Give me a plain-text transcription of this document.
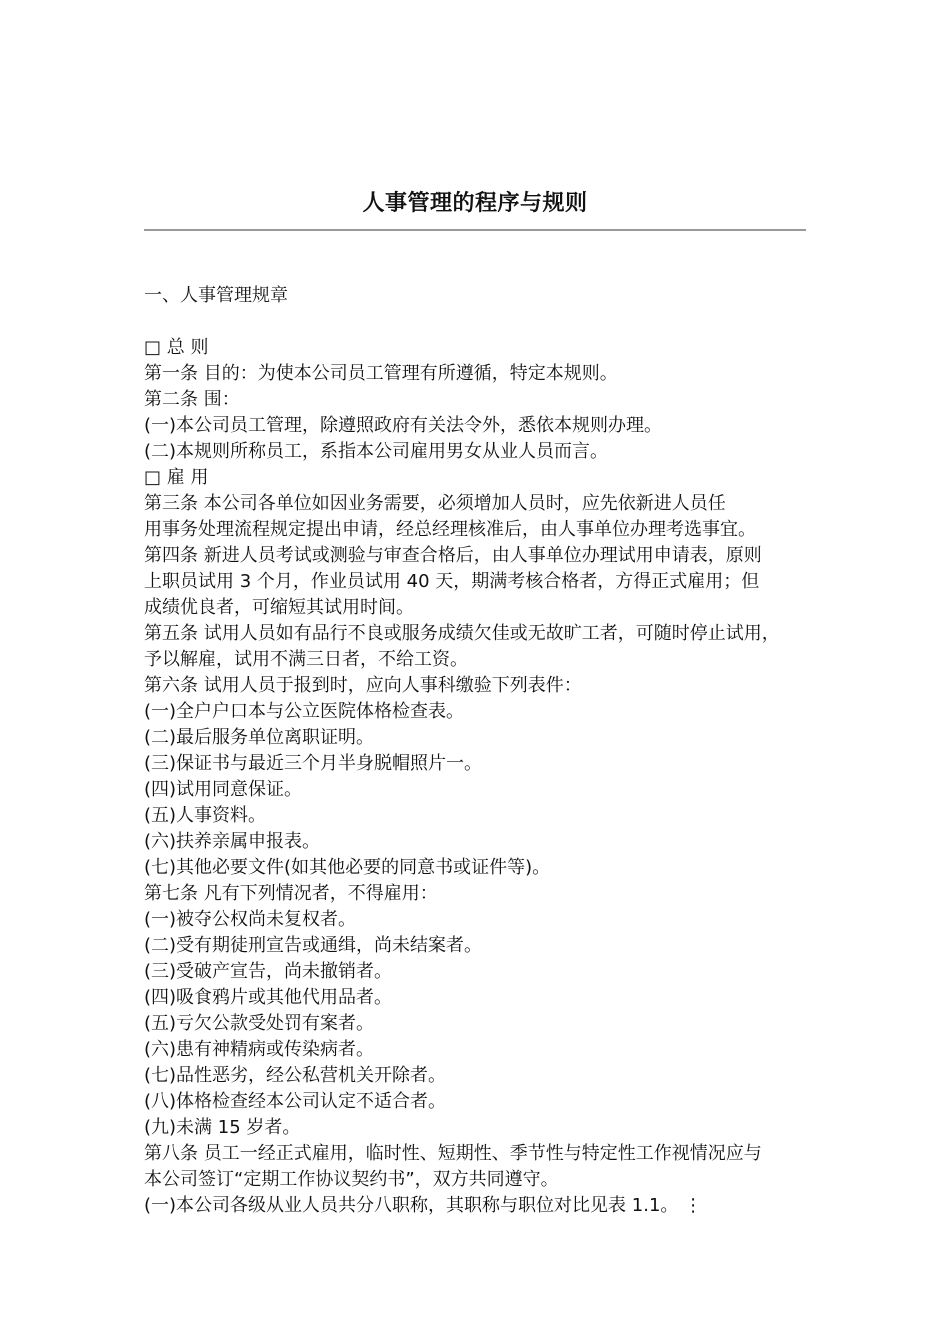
人事管理的程序与规则
一、人事管理规章
□ 总 则
第一条 目的：为使本公司员工管理有所遵循，特定本规则。
第二条 围：
(一)本公司员工管理，除遵照政府有关法令外，悉依本规则办理。
(二)本规则所称员工，系指本公司雇用男女从业人员而言。
□ 雇 用
第三条 本公司各单位如因业务需要，必须增加人员时，应先依新进人员任
用事务处理流程规定提出申请，经总经理核准后，由人事单位办理考选事宜。
第四条 新进人员考试或测验与审查合格后，由人事单位办理试用申请表，原则
上职员试用 3 个月，作业员试用 40 天，期满考核合格者，方得正式雇用；但
成绩优良者，可缩短其试用时间。
第五条 试用人员如有品行不良或服务成绩欠佳或无故旷工者，可随时停止试用，
予以解雇，试用不满三日者，不给工资。
第六条 试用人员于报到时，应向人事科缴验下列表件：
(一)全户户口本与公立医院体格检查表。
(二)最后服务单位离职证明。
(三)保证书与最近三个月半身脱帽照片一。
(四)试用同意保证。
(五)人事资料。
(六)扶养亲属申报表。
(七)其他必要文件(如其他必要的同意书或证件等)。
第七条 凡有下列情况者，不得雇用：
(一)被夺公权尚未复权者。
(二)受有期徒刑宣告或通缉，尚未结案者。
(三)受破产宣告，尚未撤销者。
(四)吸食鸦片或其他代用品者。
(五)亏欠公款受处罚有案者。
(六)患有神精病或传染病者。
(七)品性恶劣，经公私营机关开除者。
(八)体格检查经本公司认定不适合者。
(九)未满 15 岁者。
第八条 员工一经正式雇用，临时性、短期性、季节性与特定性工作视情况应与
本公司签订“定期工作协议契约书”，双方共同遵守。
(一)本公司各级从业人员共分八职称，其职称与职位对比见表 1.1。 ⋮
